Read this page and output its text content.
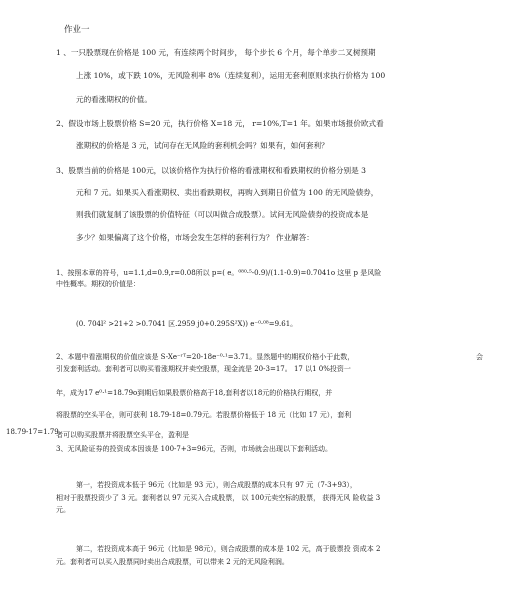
作业一
1 、一只股票现在价格是 100 元，有连续两个时间步， 每个步长 6 个月，每个单步二叉树预期
上涨 10%，或下跌 10%，无风险利率 8%（连续复利），运用无套利原则求执行价格为 100
元的看涨期权的价值。
2、假设市场上股票价格 S=20 元，执行价格 X=18 元， r=10%,T=1 年。如果市场报价欧式看
涨期权的价格是 3 元，试问存在无风险的套利机会吗？如果有，如何套利？
3、股票当前的价格是 100元，以该价格作为执行价格的看涨期权和看跌期权的价格分别是 3
元和 7 元。如果买入看涨期权、卖出看跌期权，再购入到期日价值为 100 的无风险债券，
则我们就复制了该股票的价值特征（可以叫做合成股票）。试问无风险债券的投资成本是
多少？如果偏离了这个价格，市场会发生怎样的套利行为？ 作业解答：
1、按照本章的符号，u=1.1,d=0.9,r=0.08所以 p=( e。⁰⁸⁰·⁵-0.9)/(1.1-0.9)=0.7041o 这里 p 是风险
中性概率。期权的价值是：
(0. 704l² >21+2 >0.7041 区.2959 j0+0.295S²X)) e⁻⁰·⁰⁸=9.61。
2、本题中看涨期权的价值应该是 S-Xe⁻ʳᵀ=20-18e⁻⁰·¹=3.71。显然题中的期权价格小于此数，	会
引发套利活动。套利者可以购买看涨期权并卖空股票，现金流是 20-3=17。 17 以1 0%投资一
年，成为17 e⁰·¹=18.79o到期后如果股票价格高于18,套利者以18元的价格执行期权，并
将股票的空头平仓，则可获利 18.79-18=0.79元。若股票价格低于 18 元（比如 17 元），套利
18.79-17=1.79
者可以购买股票并将股票空头平仓，盈利是
3、无风险证券的投资成本因该是 100-7+3=96元，否则，市场就会出现以下套利活动。
第一，若投资成本低于 96元（比如是 93 元），则合成股票的成本只有 97 元（7-3+93），
相对于股票投资少了 3 元。套利者以 97 元买入合成股票， 以 100元卖空标的股票， 获得无风 险收益 3
元。
第二，若投资成本高于 96元（比如是 98元），则合成股票的成本是 102 元，高于股票投 资成本 2
元。套利者可以买入股票同时卖出合成股票，可以带来 2 元的无风险利润。
